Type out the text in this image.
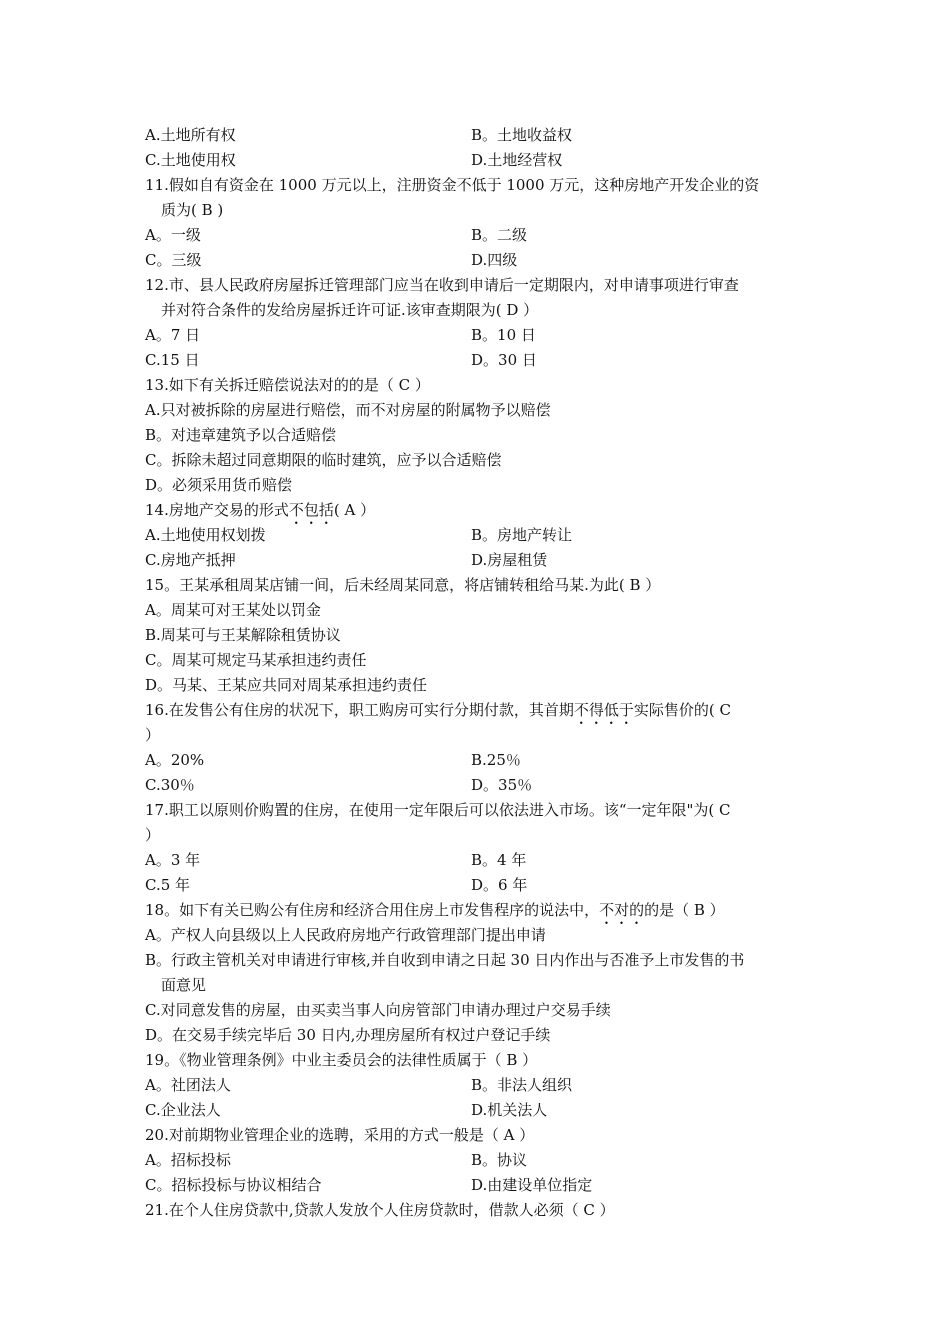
A.土地所有权	B。土地收益权
C.土地使用权	D.土地经营权
11.假如自有资金在 1000 万元以上，注册资金不低于 1000 万元，这种房地产开发企业的资
质为( B )
A。一级	B。二级
C。三级	D.四级
12.市、县人民政府房屋拆迁管理部门应当在收到申请后一定期限内，对申请事项进行审查
并对符合条件的发给房屋拆迁许可证.该审查期限为( D ）
A。7 日	B。10 日
C.15 日	D。30 日
13.如下有关拆迁赔偿说法对的的是（ C ）
A.只对被拆除的房屋进行赔偿，而不对房屋的附属物予以赔偿
B。对违章建筑予以合适赔偿
C。拆除未超过同意期限的临时建筑，应予以合适赔偿
D。必须采用货币赔偿
14.房地产交易的形式不包括( A ）
A.土地使用权划拨	B。房地产转让
C.房地产抵押	D.房屋租赁
15。王某承租周某店铺一间，后未经周某同意，将店铺转租给马某.为此( B ）
A。周某可对王某处以罚金
B.周某可与王某解除租赁协议
C。周某可规定马某承担违约责任
D。马某、王某应共同对周某承担违约责任
16.在发售公有住房的状况下，职工购房可实行分期付款，其首期不得低于实际售价的( C
）
A。20%	B.25％
C.30％	D。35％
17.职工以原则价购置的住房，在使用一定年限后可以依法进入市场。该“一定年限"为( C
）
A。3 年	B。4 年
C.5 年	D。6 年
18。如下有关已购公有住房和经济合用住房上市发售程序的说法中，不对的的是（ B ）
A。产权人向县级以上人民政府房地产行政管理部门提出申请
B。行政主管机关对申请进行审核,并自收到申请之日起 30 日内作出与否准予上市发售的书
面意见
C.对同意发售的房屋，由买卖当事人向房管部门申请办理过户交易手续
D。在交易手续完毕后 30 日内,办理房屋所有权过户登记手续
19。《物业管理条例》中业主委员会的法律性质属于（ B ）
A。社团法人	B。非法人组织
C.企业法人	D.机关法人
20.对前期物业管理企业的选聘，采用的方式一般是（ A ）
A。招标投标	B。协议
C。招标投标与协议相结合	D.由建设单位指定
21.在个人住房贷款中,贷款人发放个人住房贷款时，借款人必须（ C ）
